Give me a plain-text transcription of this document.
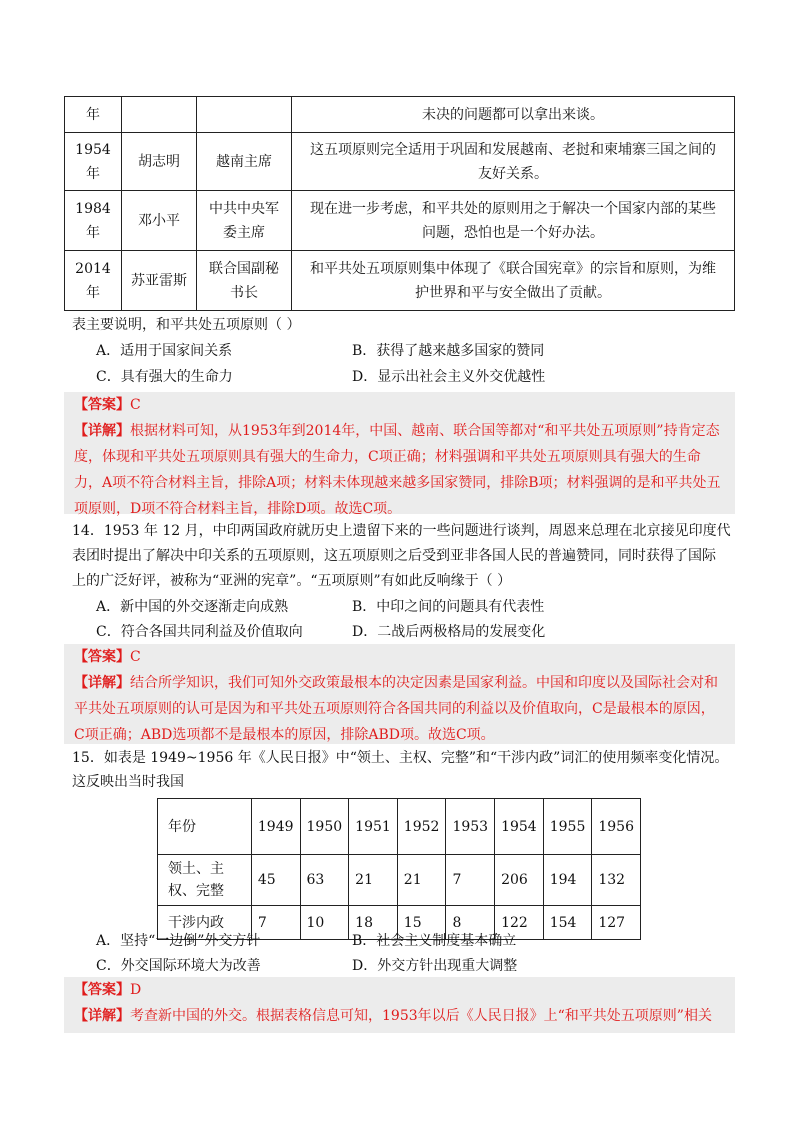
年			未决的问题都可以拿出来谈。
1954 年	胡志明	越南主席	这五项原则完全适用于巩固和发展越南、老挝和柬埔寨三国之间的友好关系。
1984 年	邓小平	中共中央军委主席	现在进一步考虑，和平共处的原则用之于解决一个国家内部的某些问题，恐怕也是一个好办法。
2014 年	苏亚雷斯	联合国副秘书长	和平共处五项原则集中体现了《联合国宪章》的宗旨和原则，为维护世界和平与安全做出了贡献。
表主要说明，和平共处五项原则（ ）
A．适用于国家间关系	B．获得了越来越多国家的赞同
C．具有强大的生命力	D．显示出社会主义外交优越性
【答案】C
【详解】根据材料可知，从1953年到2014年，中国、越南、联合国等都对“和平共处五项原则”持肯定态度，体现和平共处五项原则具有强大的生命力，C项正确；材料强调和平共处五项原则具有强大的生命力，A项不符合材料主旨，排除A项；材料未体现越来越多国家赞同，排除B项；材料强调的是和平共处五项原则，D项不符合材料主旨，排除D项。故选C项。
14．1953 年 12 月，中印两国政府就历史上遗留下来的一些问题进行谈判，周恩来总理在北京接见印度代
表团时提出了解决中印关系的五项原则，这五项原则之后受到亚非各国人民的普遍赞同，同时获得了国际
上的广泛好评，被称为“亚洲的宪章”。“五项原则”有如此反响缘于（ ）
A．新中国的外交逐渐走向成熟	B．中印之间的问题具有代表性
C．符合各国共同利益及价值取向	D．二战后两极格局的发展变化
【答案】C
【详解】结合所学知识，我们可知外交政策最根本的决定因素是国家利益。中国和印度以及国际社会对和平共处五项原则的认可是因为和平共处五项原则符合各国共同的利益以及价值取向，C是最根本的原因，C项正确；ABD选项都不是最根本的原因，排除ABD项。故选C项。
15．如表是 1949~1956 年《人民日报》中“领土、主权、完整”和“干涉内政”词汇的使用频率变化情况。
这反映出当时我国
年份	1949	1950	1951	1952	1953	1954	1955	1956
领土、主权、完整	45	63	21	21	7	206	194	132
干涉内政	7	10	18	15	8	122	154	127
A．坚持“一边倒”外交方针	B．社会主义制度基本确立
C．外交国际环境大为改善	D．外交方针出现重大调整
【答案】D
【详解】考查新中国的外交。根据表格信息可知，1953年以后《人民日报》上“和平共处五项原则”相关
